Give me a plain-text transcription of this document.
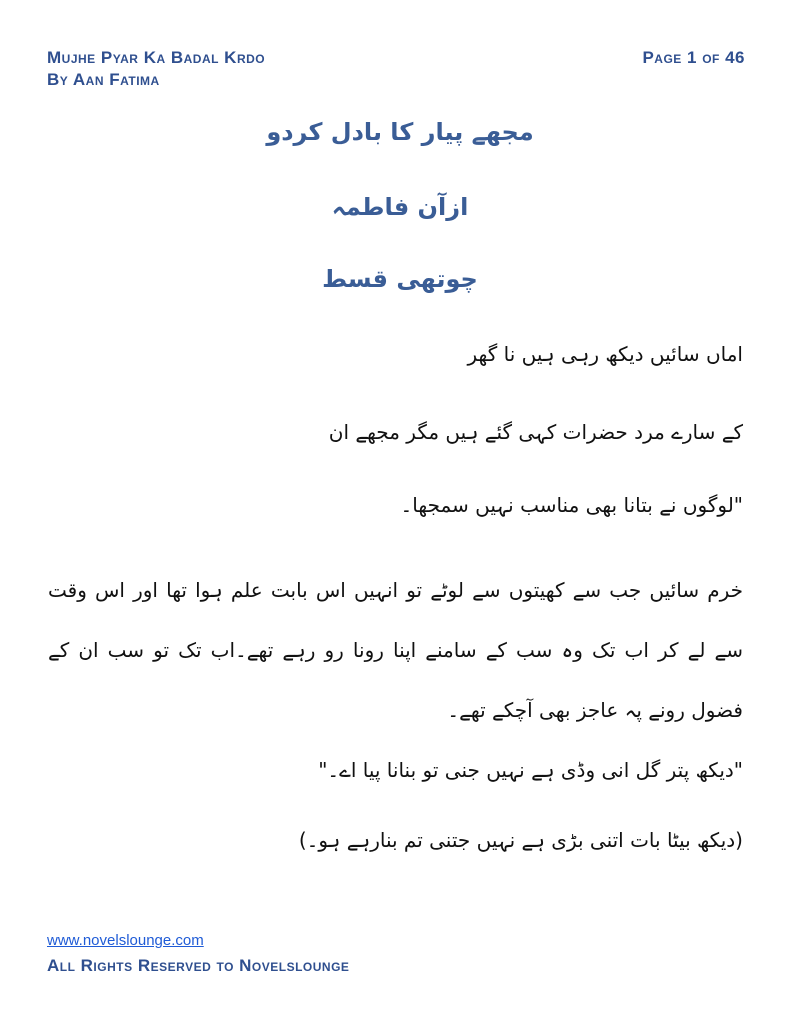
Mujhe Pyar Ka Badal Krdo
By Aan Fatima
Page 1 of 46
مجھے پیار کا بادل کردو
ازآن فاطمہ
چوتھی قسط
اماں سائیں دیکھ رہی ہیں نا گھر
کے سارے مرد حضرات کہی گئے ہیں مگر مجھے ان
"لوگوں نے بتانا بھی مناسب نہیں سمجھا۔
خرم سائیں جب سے کھیتوں سے لوٹے تو انہیں اس بابت علم ہوا تھا اور اس وقت سے لے کر اب تک وہ سب کے سامنے اپنا رونا رو رہے تھے۔اب تک تو سب ان کے فضول رونے پہ عاجز بھی آچکے تھے۔
"دیکھ پتر گل انی وڈی ہے نہیں جنی تو بنانا پیا اے۔"
(دیکھ بیٹا بات اتنی بڑی ہے نہیں جتنی تم بنارہے ہو۔)
www.novelslounge.com
All Rights Reserved to Novelslounge
